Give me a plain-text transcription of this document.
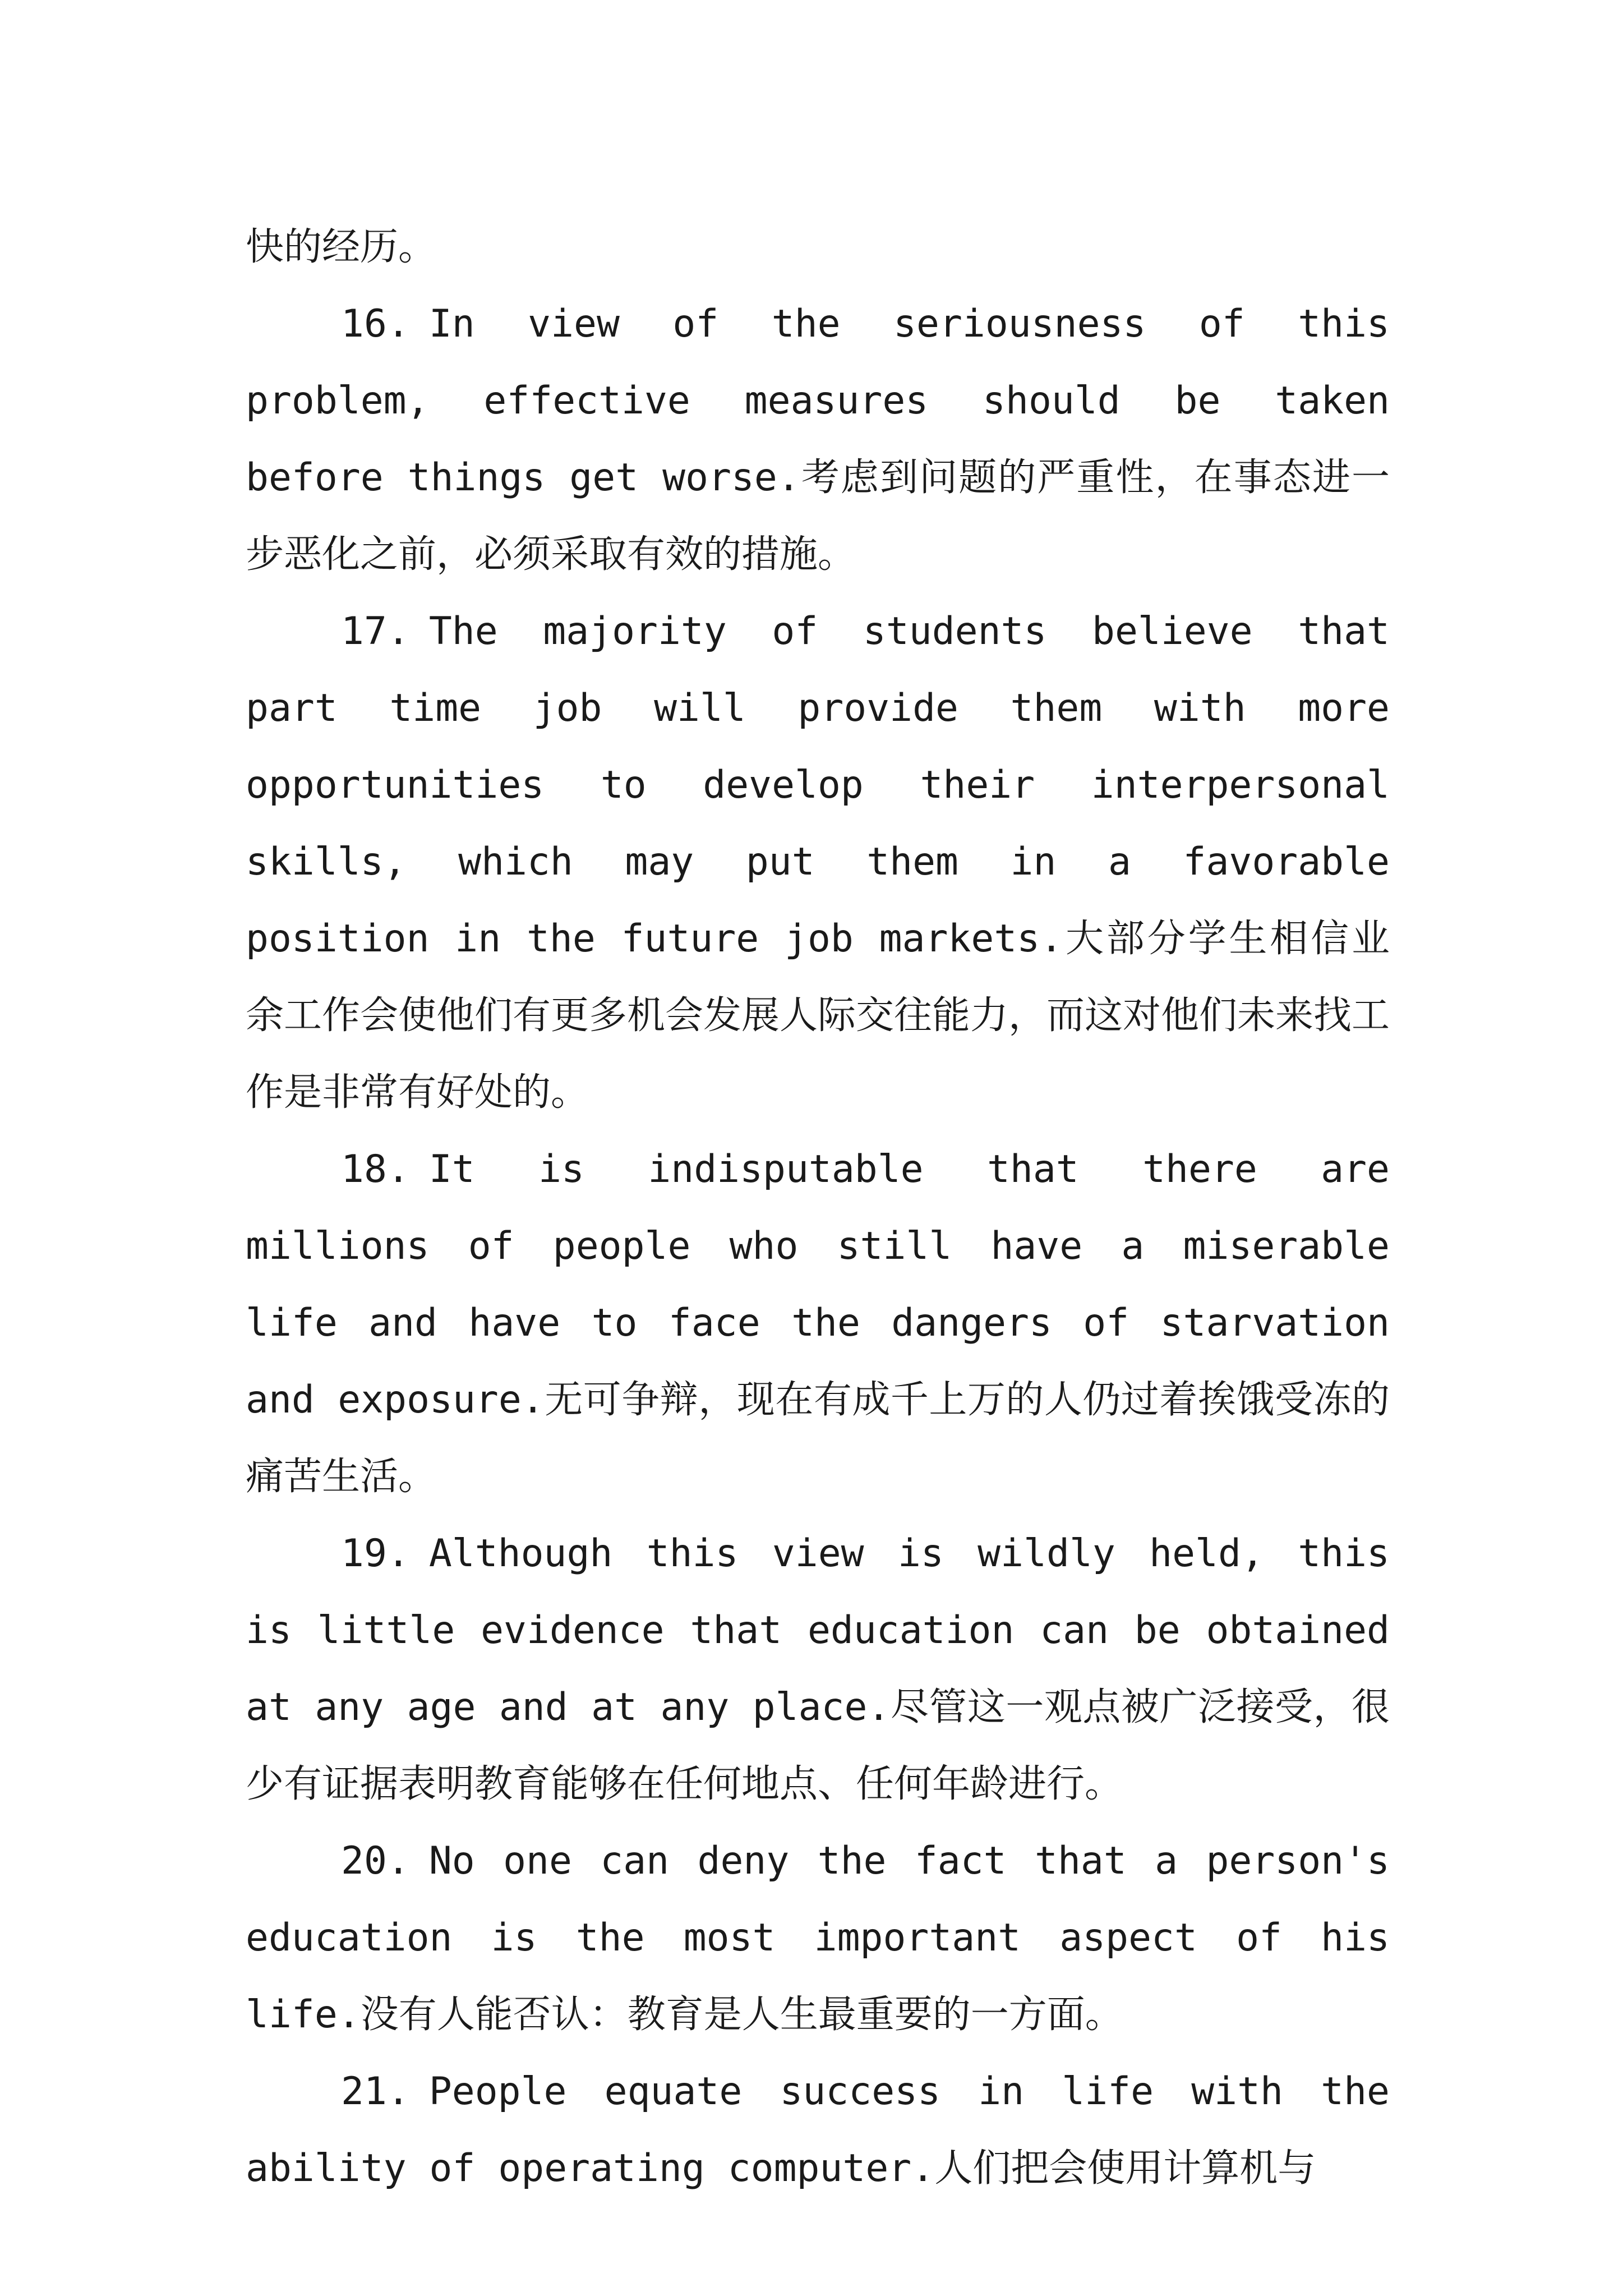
快的经历。

16. In view of the seriousness of this problem, effective measures should be taken before things get worse.考虑到问题的严重性，在事态进一步恶化之前，必须采取有效的措施。

17. The majority of students believe that part time job will provide them with more opportunities to develop their interpersonal skills, which may put them in a favorable position in the future job markets.大部分学生相信业余工作会使他们有更多机会发展人际交往能力，而这对他们未来找工作是非常有好处的。

18. It is indisputable that there are millions of people who still have a miserable life and have to face the dangers of starvation and exposure.无可争辩，现在有成千上万的人仍过着挨饿受冻的痛苦生活。

19. Although this view is wildly held, this is little evidence that education can be obtained at any age and at any place.尽管这一观点被广泛接受，很少有证据表明教育能够在任何地点、任何年龄进行。

20. No one can deny the fact that a person's education is the most important aspect of his life.没有人能否认：教育是人生最重要的一方面。

21. People equate success in life with the ability of operating computer.人们把会使用计算机与
